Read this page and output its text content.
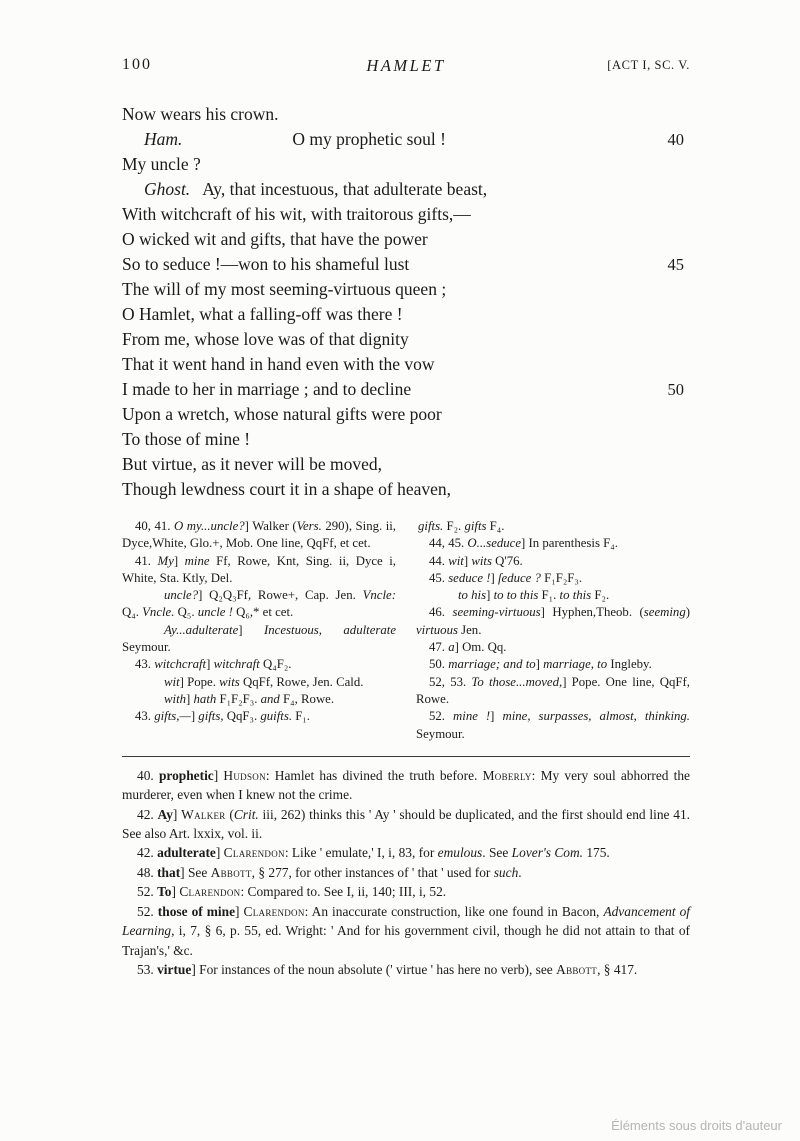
100	HAMLET	[ACT I, SC. V.
Now wears his crown.
Ham.	O my prophetic soul !	40
My uncle ?
Ghost. Ay, that incestuous, that adulterate beast,
With witchcraft of his wit, with traitorous gifts,—
O wicked wit and gifts, that have the power
So to seduce !—won to his shameful lust	45
The will of my most seeming-virtuous queen ;
O Hamlet, what a falling-off was there !
From me, whose love was of that dignity
That it went hand in hand even with the vow
I made to her in marriage ; and to decline	50
Upon a wretch, whose natural gifts were poor
To those of mine !
But virtue, as it never will be moved,
Though lewdness court it in a shape of heaven,

40, 41. O my...uncle?] Walker (Vers. 290), Sing. ii, Dyce,White, Glo.+, Mob. One line, QqFf, et cet.

41. My] mine Ff, Rowe, Knt, Sing. ii, Dyce i, White, Sta. Ktly, Del.

uncle?] Q₂Q₃Ff, Rowe+, Cap. Jen. Vncle: Q₄. Vncle. Q₅. uncle ! Q₆,* et cet.

Ay...adulterate] Incestuous, adulterate Seymour.

43. witchcraft] witchraft Q₄F₂.

wit] Pope. wits QqFf, Rowe, Jen. Cald.

with] hath F₁F₂F₃. and F₄, Rowe.

43. gifts,—] gifts, QqF₃. guifts. F₁.

gifts. F₂. gifts F₄.

44, 45. O...seduce] In parenthesis F₄.

44. wit] wits Q'76.

45. seduce !] ſeduce ? F₁F₂F₃.

to his] to to this F₁. to this F₂.

46. seeming-virtuous] Hyphen,Theob. (seeming) virtuous Jen.

47. a] Om. Qq.

50. marriage; and to] marriage, to Ingleby.

52, 53. To those...moved,] Pope. One line, QqFf, Rowe.

52. mine !] mine, surpasses, almost, thinking. Seymour.

40. prophetic] Hudson: Hamlet has divined the truth before. Moberly: My very soul abhorred the murderer, even when I knew not the crime.

42. Ay] Walker (Crit. iii, 262) thinks this ' Ay ' should be duplicated, and the first should end line 41. See also Art. lxxix, vol. ii.

42. adulterate] Clarendon: Like ' emulate,' I, i, 83, for emulous. See Lover's Com. 175.

48. that] See Abbott, § 277, for other instances of ' that ' used for such.

52. To] Clarendon: Compared to. See I, ii, 140; III, i, 52.

52. those of mine] Clarendon: An inaccurate construction, like one found in Bacon, Advancement of Learning, i, 7, § 6, p. 55, ed. Wright: ' And for his government civil, though he did not attain to that of Trajan's,' &c.

53. virtue] For instances of the noun absolute (' virtue ' has here no verb), see Abbott, § 417.

Éléments sous droits d'auteur
